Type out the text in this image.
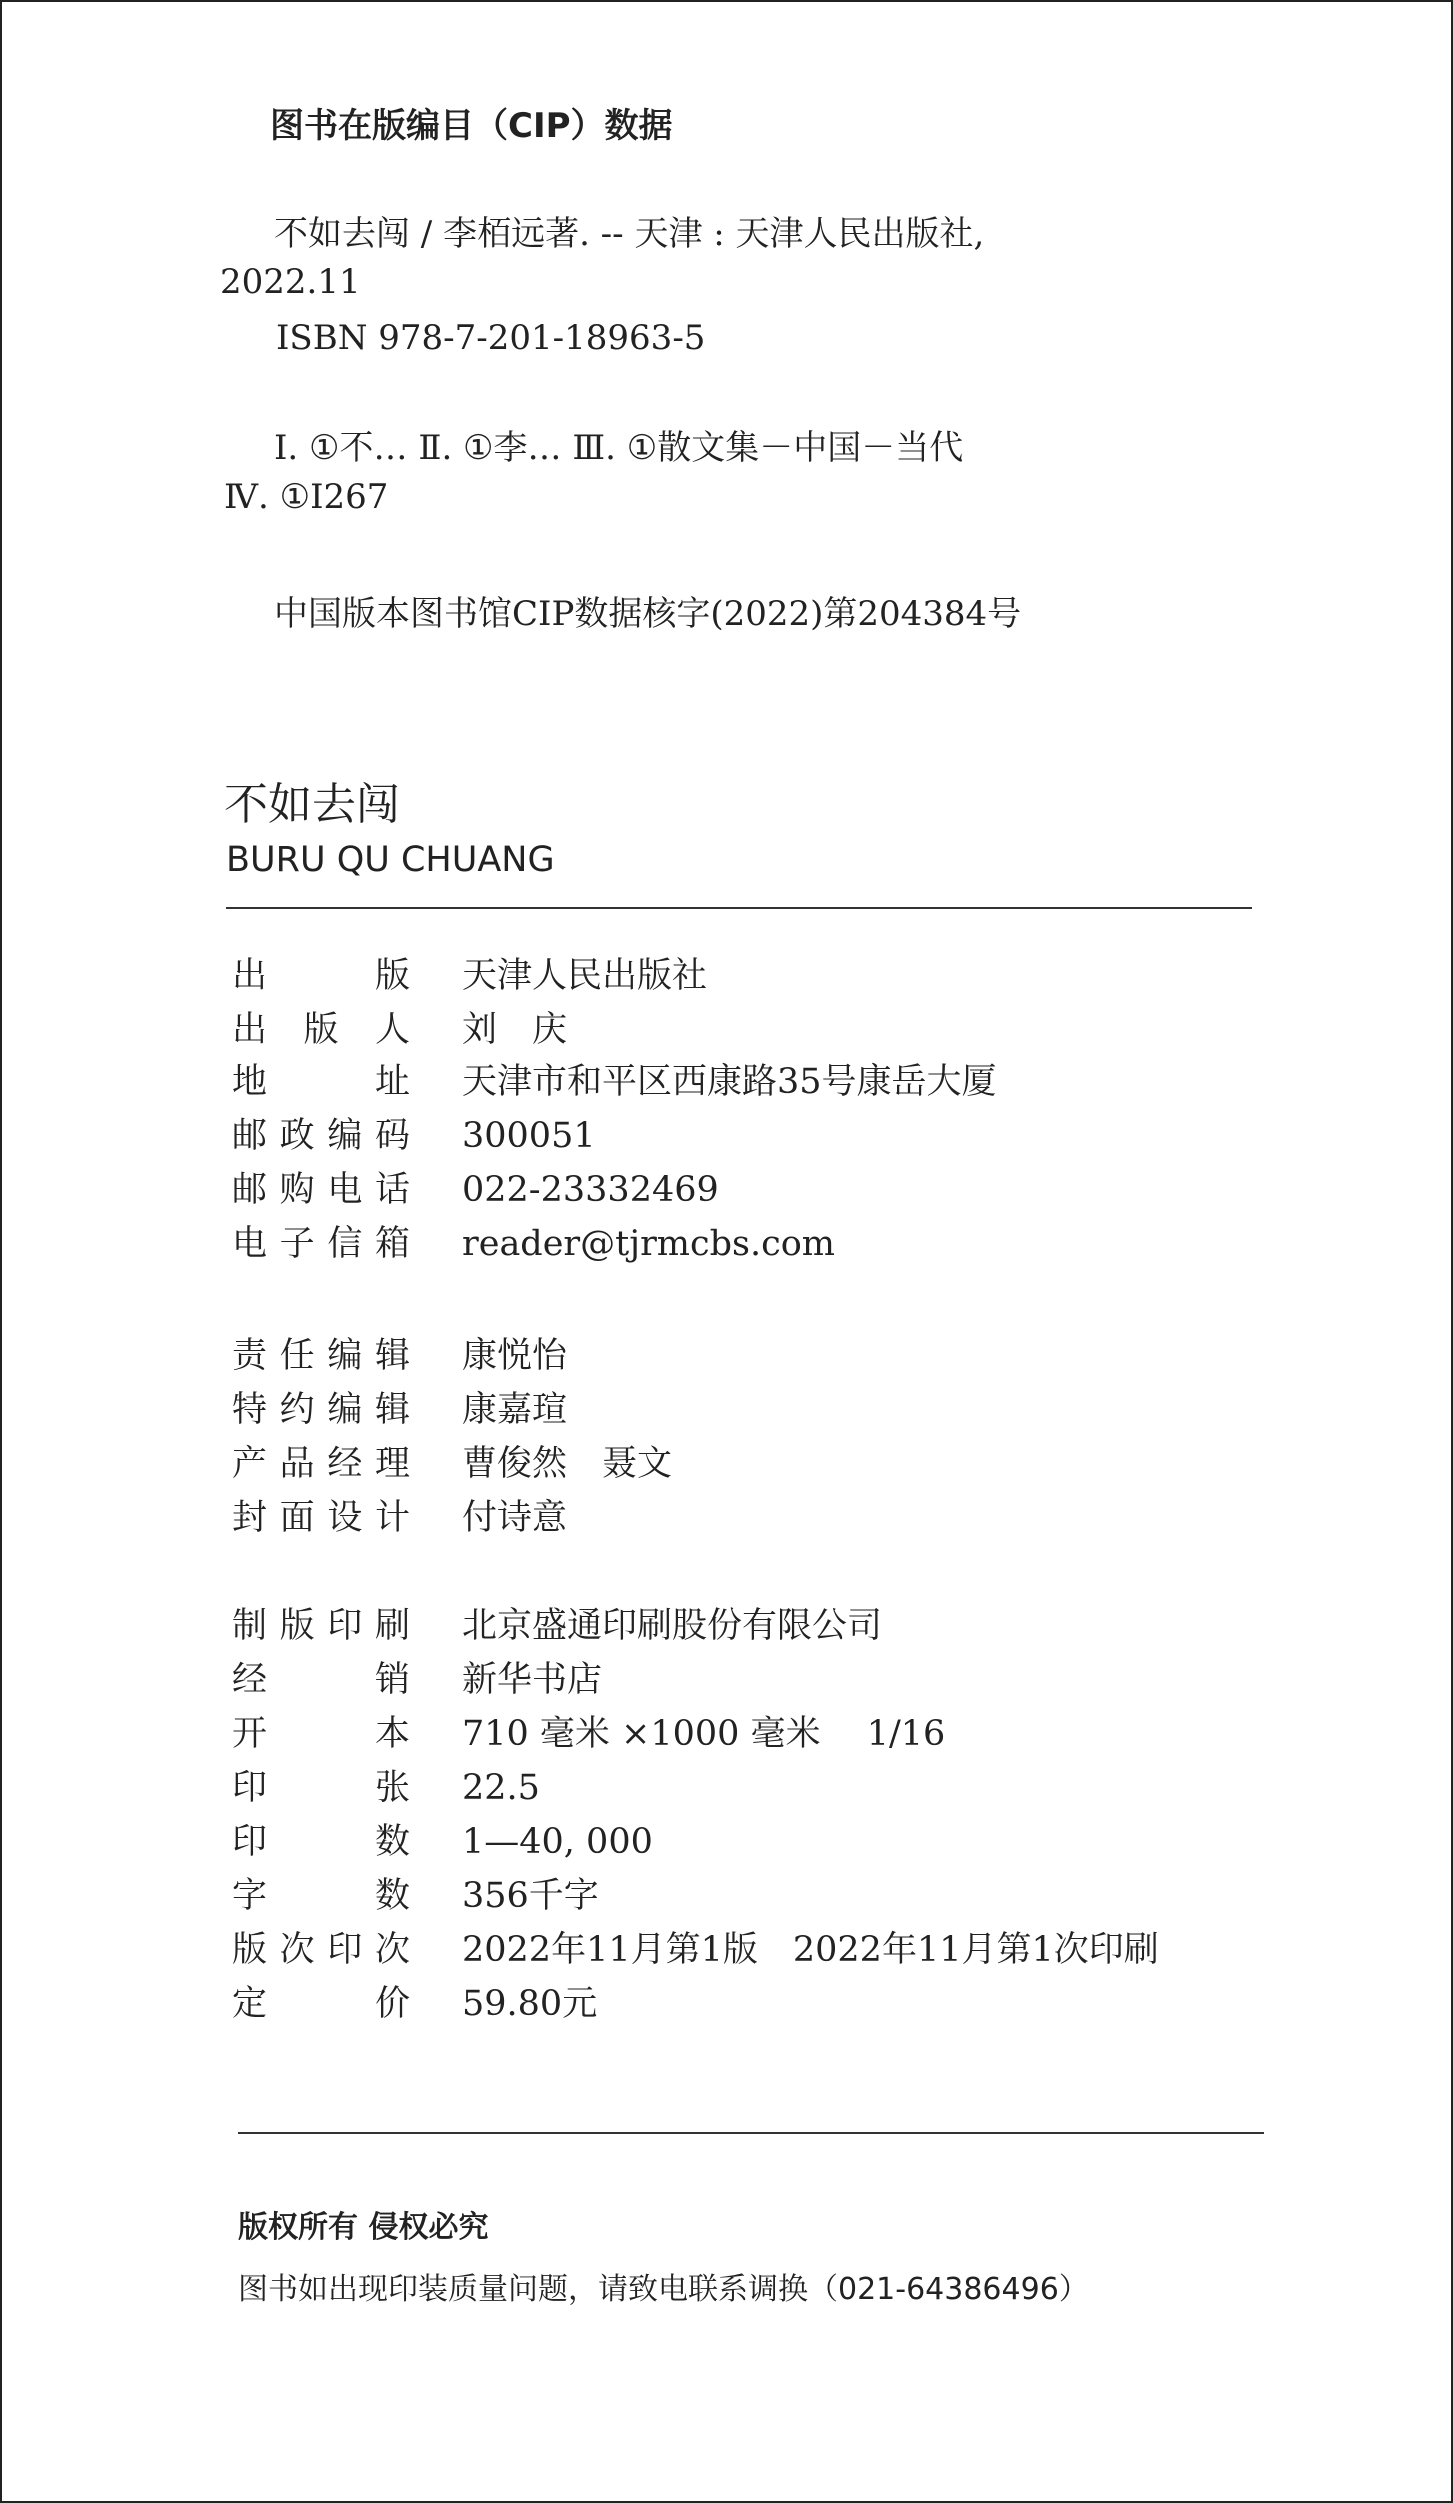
图书在版编目（CIP）数据
不如去闯 / 李栢远著. -- 天津 : 天津人民出版社,
2022.11
ISBN 978-7-201-18963-5
Ⅰ. ①不… Ⅱ. ①李… Ⅲ. ①散文集－中国－当代
Ⅳ. ①I267
中国版本图书馆CIP数据核字(2022)第204384号
不如去闯
BURU QU CHUANG
出 版 天津人民出版社
出版人 刘　庆
地 址 天津市和平区西康路35号康岳大厦
邮政编码 300051
邮购电话 022-23332469
电子信箱 reader@tjrmcbs.com
责任编辑 康悦怡
特约编辑 康嘉瑄
产品经理 曹俊然　聂文
封面设计 付诗意
制版印刷 北京盛通印刷股份有限公司
经 销 新华书店
开 本 710 毫米 ×1000 毫米　 1/16
印 张 22.5
印 数 1—40, 000
字 数 356千字
版次印次 2022年11月第1版　2022年11月第1次印刷
定 价 59.80元
版权所有 侵权必究
图书如出现印装质量问题，请致电联系调换（021-64386496）
